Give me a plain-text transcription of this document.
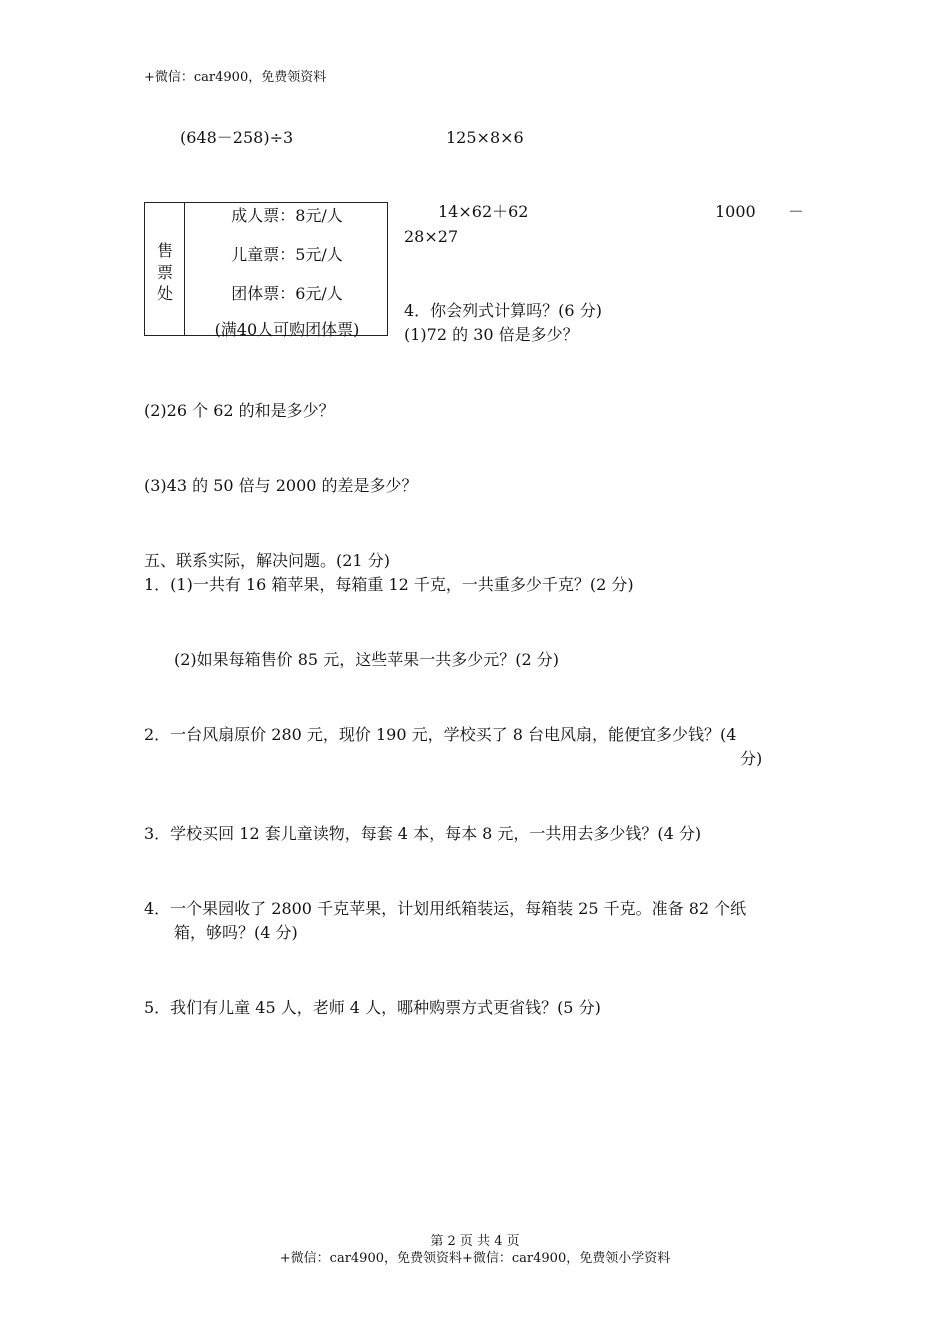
+微信：car4900，免费领资料
(648－258)÷3	125×8×6
售
票
处
成人票：8元/人
儿童票：5元/人
团体票：6元/人
(满40人可购团体票)
14×62＋62	1000 －
28×27
4．你会列式计算吗？(6 分)
(1)72 的 30 倍是多少？
(2)26 个 62 的和是多少？
(3)43 的 50 倍与 2000 的差是多少？
五、联系实际，解决问题。(21 分)
1．(1)一共有 16 箱苹果，每箱重 12 千克，一共重多少千克？(2 分)
(2)如果每箱售价 85 元，这些苹果一共多少元？(2 分)
2．一台风扇原价 280 元，现价 190 元，学校买了 8 台电风扇，能便宜多少钱？(4
分)
3．学校买回 12 套儿童读物，每套 4 本，每本 8 元，一共用去多少钱？(4 分)
4．一个果园收了 2800 千克苹果，计划用纸箱装运，每箱装 25 千克。准备 82 个纸
箱，够吗？(4 分)
5．我们有儿童 45 人，老师 4 人，哪种购票方式更省钱？(5 分)
第 2 页 共 4 页
+微信：car4900，免费领资料+微信：car4900，免费领小学资料
